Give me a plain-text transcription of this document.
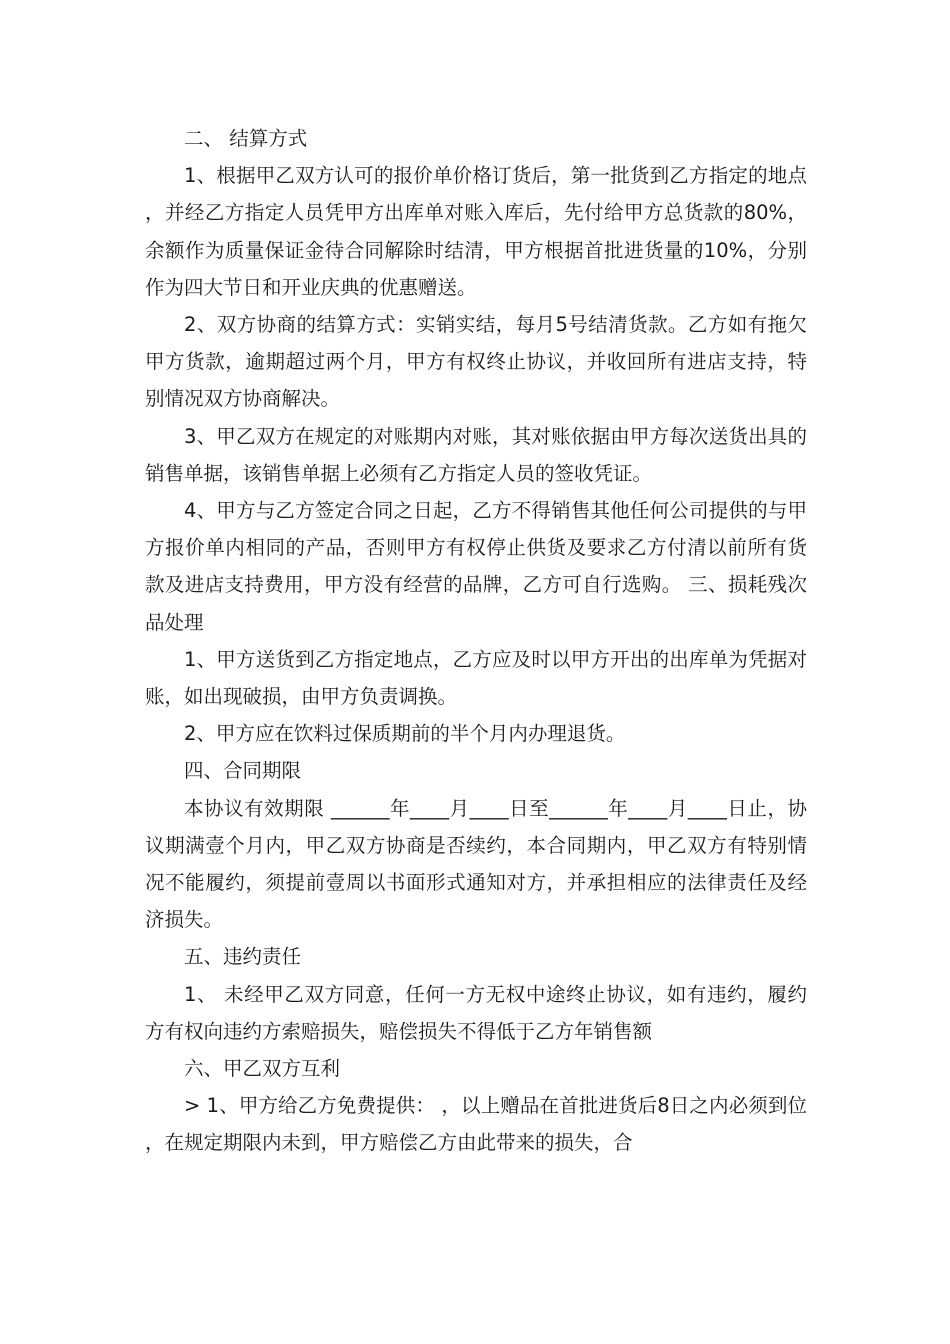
二、 结算方式

1、根据甲乙双方认可的报价单价格订货后，第一批货到乙方指定的地点，并经乙方指定人员凭甲方出库单对账入库后，先付给甲方总货款的80%，余额作为质量保证金待合同解除时结清，甲方根据首批进货量的10%，分别作为四大节日和开业庆典的优惠赠送。

2、双方协商的结算方式：实销实结，每月5号结清货款。乙方如有拖欠甲方货款，逾期超过两个月，甲方有权终止协议，并收回所有进店支持，特别情况双方协商解决。

3、甲乙双方在规定的对账期内对账，其对账依据由甲方每次送货出具的销售单据，该销售单据上必须有乙方指定人员的签收凭证。

4、甲方与乙方签定合同之日起，乙方不得销售其他任何公司提供的与甲方报价单内相同的产品，否则甲方有权停止供货及要求乙方付清以前所有货款及进店支持费用，甲方没有经营的品牌，乙方可自行选购。 三、损耗残次品处理

1、甲方送货到乙方指定地点，乙方应及时以甲方开出的出库单为凭据对账，如出现破损，由甲方负责调换。

2、甲方应在饮料过保质期前的半个月内办理退货。

四、合同期限

本协议有效期限 ______年____月____日至______年____月____日止，协议期满壹个月内，甲乙双方协商是否续约，本合同期内，甲乙双方有特别情况不能履约，须提前壹周以书面形式通知对方，并承担相应的法律责任及经济损失。

五、违约责任

1、 未经甲乙双方同意，任何一方无权中途终止协议，如有违约，履约方有权向违约方索赔损失，赔偿损失不得低于乙方年销售额

六、甲乙双方互利

> 1、甲方给乙方免费提供： ，以上赠品在首批进货后8日之内必须到位，在规定期限内未到，甲方赔偿乙方由此带来的损失，合
